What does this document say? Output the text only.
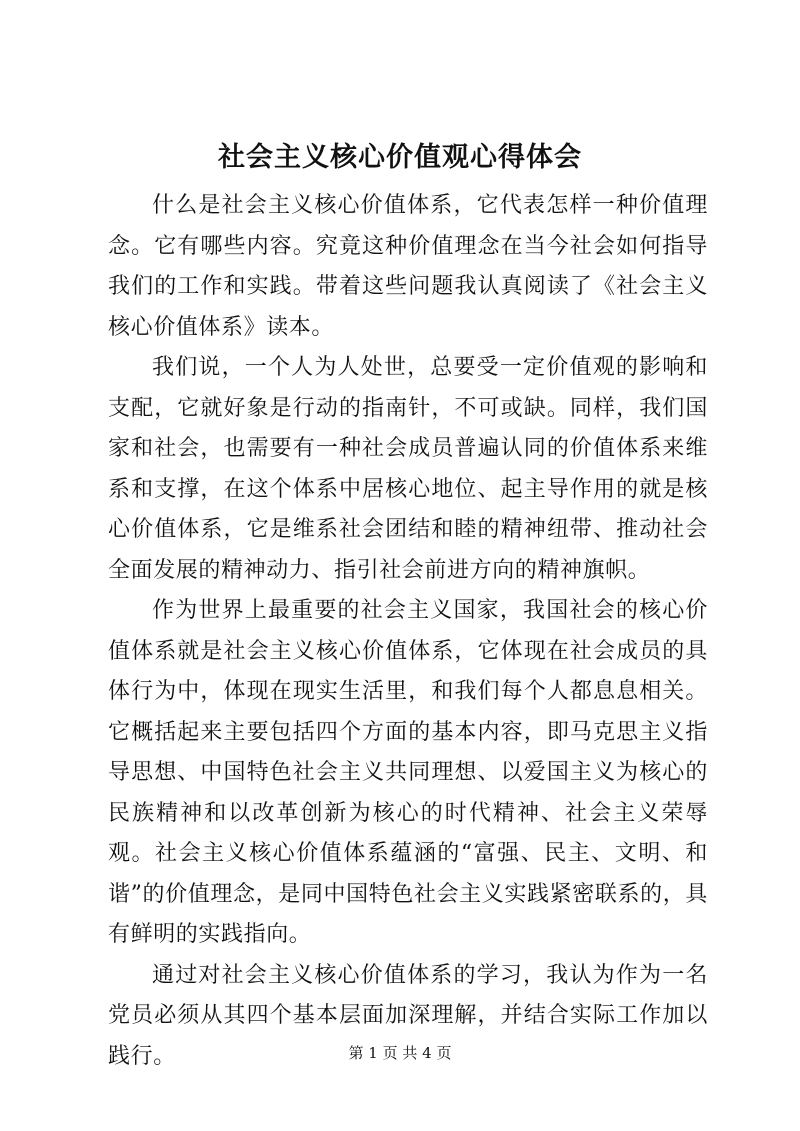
社会主义核心价值观心得体会

什么是社会主义核心价值体系，它代表怎样一种价值理念。它有哪些内容。究竟这种价值理念在当今社会如何指导我们的工作和实践。带着这些问题我认真阅读了《社会主义核心价值体系》读本。

我们说，一个人为人处世，总要受一定价值观的影响和支配，它就好象是行动的指南针，不可或缺。同样，我们国家和社会，也需要有一种社会成员普遍认同的价值体系来维系和支撑，在这个体系中居核心地位、起主导作用的就是核心价值体系，它是维系社会团结和睦的精神纽带、推动社会全面发展的精神动力、指引社会前进方向的精神旗帜。

作为世界上最重要的社会主义国家，我国社会的核心价值体系就是社会主义核心价值体系，它体现在社会成员的具体行为中，体现在现实生活里，和我们每个人都息息相关。它概括起来主要包括四个方面的基本内容，即马克思主义指导思想、中国特色社会主义共同理想、以爱国主义为核心的民族精神和以改革创新为核心的时代精神、社会主义荣辱观。社会主义核心价值体系蕴涵的“富强、民主、文明、和谐”的价值理念，是同中国特色社会主义实践紧密联系的，具有鲜明的实践指向。

通过对社会主义核心价值体系的学习，我认为作为一名党员必须从其四个基本层面加深理解，并结合实际工作加以践行。	第 1 页 共 4 页
